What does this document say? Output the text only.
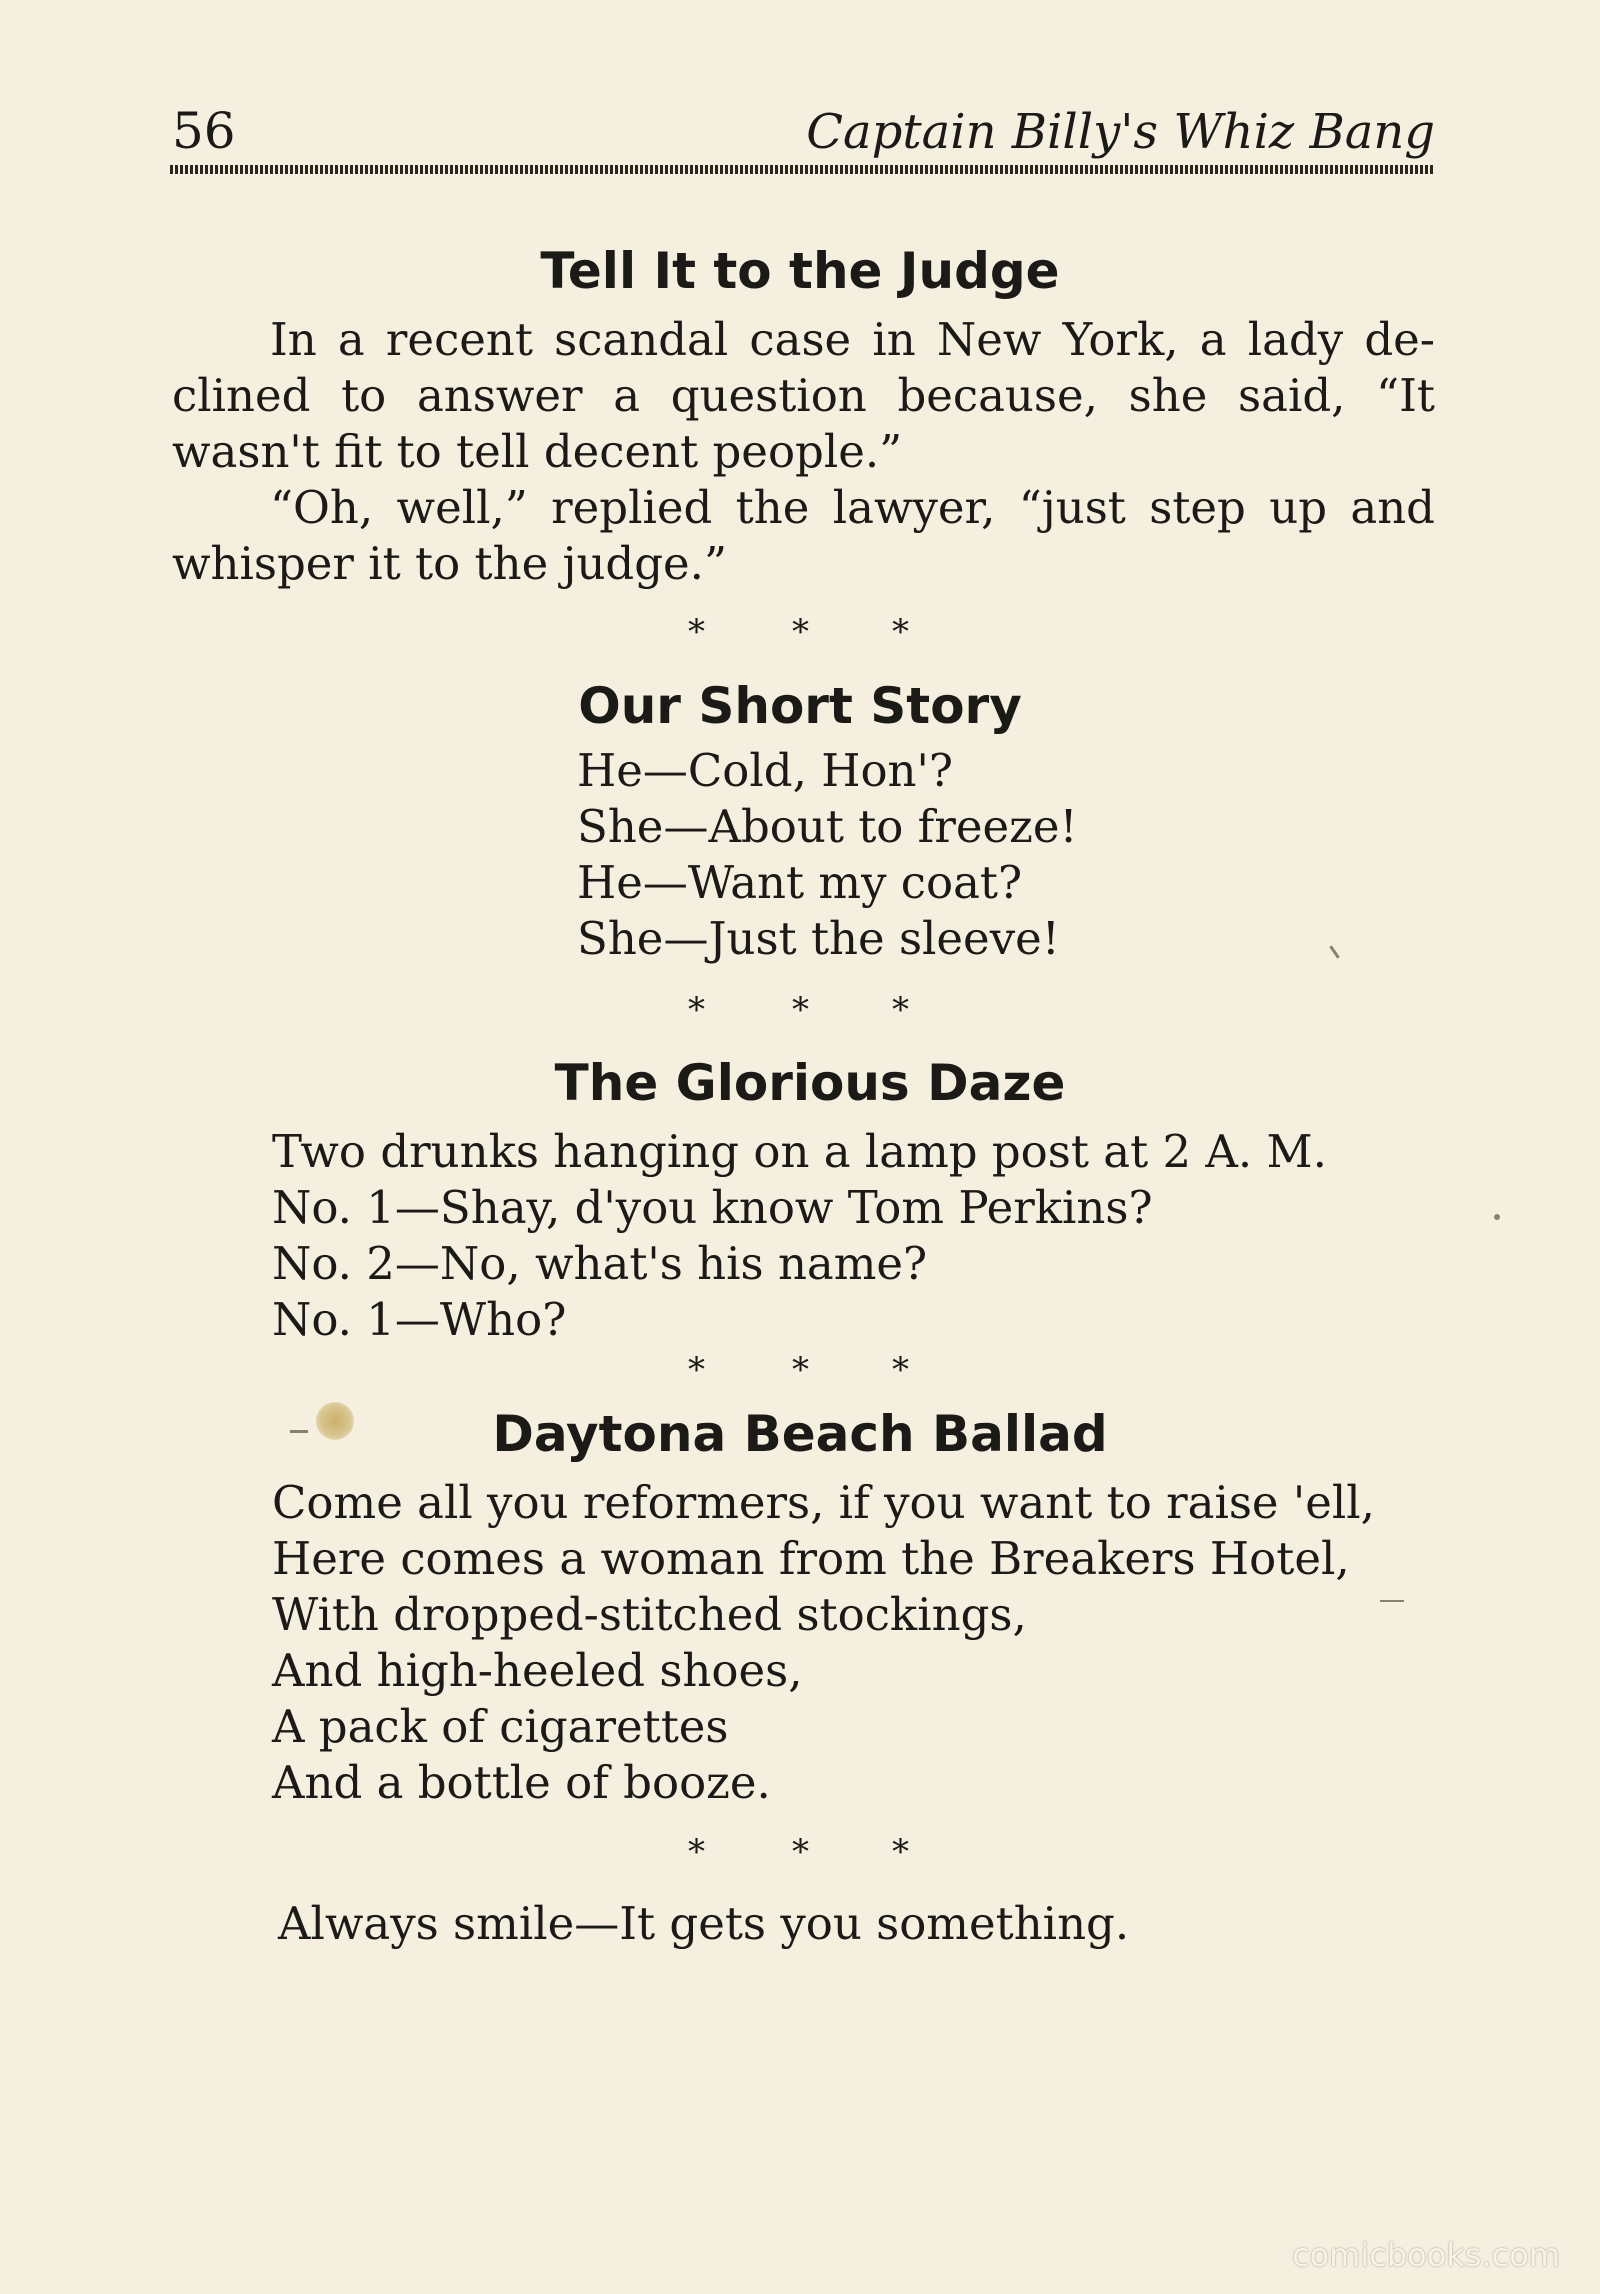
56	Captain Billy's Whiz Bang
Tell It to the Judge
In a recent scandal case in New York, a lady de-
clined to answer a question because, she said, “It
wasn't fit to tell decent people.”
“Oh, well,” replied the lawyer, “just step up and
whisper it to the judge.”
*	* *
Our Short Story
He—Cold, Hon'?
She—About to freeze!
He—Want my coat?
She—Just the sleeve!
*	* *
The Glorious Daze
Two drunks hanging on a lamp post at 2 A. M.
No. 1—Shay, d'you know Tom Perkins?
No. 2—No, what's his name?
No. 1—Who?
*	* *
Daytona Beach Ballad
Come all you reformers, if you want to raise 'ell,
Here comes a woman from the Breakers Hotel,
With dropped-stitched stockings,
And high-heeled shoes,
A pack of cigarettes
And a bottle of booze.
*	* *
Always smile—It gets you something.
comicbooks.com
